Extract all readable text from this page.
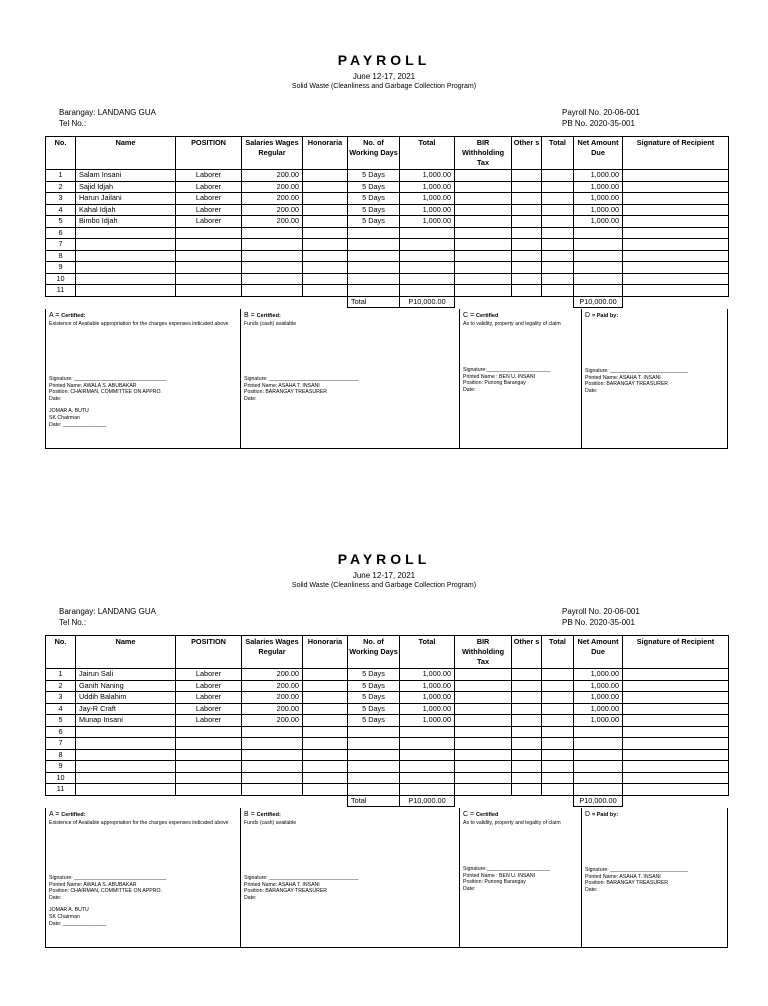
PAYROLL
June 12-17, 2021
Solid Waste (Cleanliness and Garbage Collection Program)
Barangay: LANDANG GUA
Tel No.:
Payroll No. 20-06-001
PB No. 2020-35-001
No.	Name	POSITION	Salaries Wages Regular	Honoraria	No. of Working Days	Total	BIR Withholding Tax	Other s	Total	Net Amount Due	Signature of Recipient
1	Salam Insani	Laborer	200.00		5 Days	1,000.00				1,000.00	
2	Sajid Idjah	Laborer	200.00		5 Days	1,000.00				1,000.00	
3	Harun Jailani	Laborer	200.00		5 Days	1,000.00				1,000.00	
4	Kahal Idjah	Laborer	200.00		5 Days	1,000.00				1,000.00	
5	Bimbo Idjah	Laborer	200.00		5 Days	1,000.00				1,000.00	
6											
7											
8											
9											
10											
11											
					Total	P10,000.00				P10,000.00	
A = Certified:
Existence of Available appropriation for the charges expenses indicated above
Signature: ________________________________
Printed Name: AWALA S. ABUBAKAR
Position: CHAIRMAN, COMMITTEE ON APPRO.
Date:
JOMAR A. BUTU
SK Chairman
Date: _______________
B = Certified:
Funds (cash) available
Signature: _______________________________
Printed Name: ASAHA T. INSANI
Position: BARANGAY TREASURER
Date:
C = Certified
As to validity, property and legality of claim
Signature:______________________
Printed Name : BEN U. INSANI
Position: Punong Barangay
Date:
D = Paid by:
Signature: ___________________________
Printed Name: ASAHA T. INSANI
Position: BARANGAY TREASURER
Date:
PAYROLL
June 12-17, 2021
Solid Waste (Cleanliness and Garbage Collection Program)
Barangay: LANDANG GUA
Tel No.:
Payroll No. 20-06-001
PB No. 2020-35-001
No.	Name	POSITION	Salaries Wages Regular	Honoraria	No. of Working Days	Total	BIR Withholding Tax	Other s	Total	Net Amount Due	Signature of Recipient
1	Jairun Sali	Laborer	200.00		5 Days	1,000.00				1,000.00	
2	Ganih Naning	Laborer	200.00		5 Days	1,000.00				1,000.00	
3	Uddih Balahim	Laborer	200.00		5 Days	1,000.00				1,000.00	
4	Jay-R Craft	Laborer	200.00		5 Days	1,000.00				1,000.00	
5	Munap Insani	Laborer	200.00		5 Days	1,000.00				1,000.00	
6											
7											
8											
9											
10											
11											
					Total	P10,000.00				P10,000.00	
A = Certified:
Existence of Available appropriation for the charges expenses indicated above
Signature: ________________________________
Printed Name: AWALA S. ABUBAKAR
Position: CHAIRMAN, COMMITTEE ON APPRO.
Date:
JOMAR A. BUTU
SK Chairman
Date: _______________
B = Certified:
Funds (cash) available
Signature: _______________________________
Printed Name: ASAHA T. INSANI
Position: BARANGAY TREASURER
Date:
C = Certified
As to validity, property and legality of claim
Signature:______________________
Printed Name : BEN U. INSANI
Position: Punong Barangay
Date:
D = Paid by:
Signature: ___________________________
Printed Name: ASAHA T. INSANI
Position: BARANGAY TREASURER
Date:
